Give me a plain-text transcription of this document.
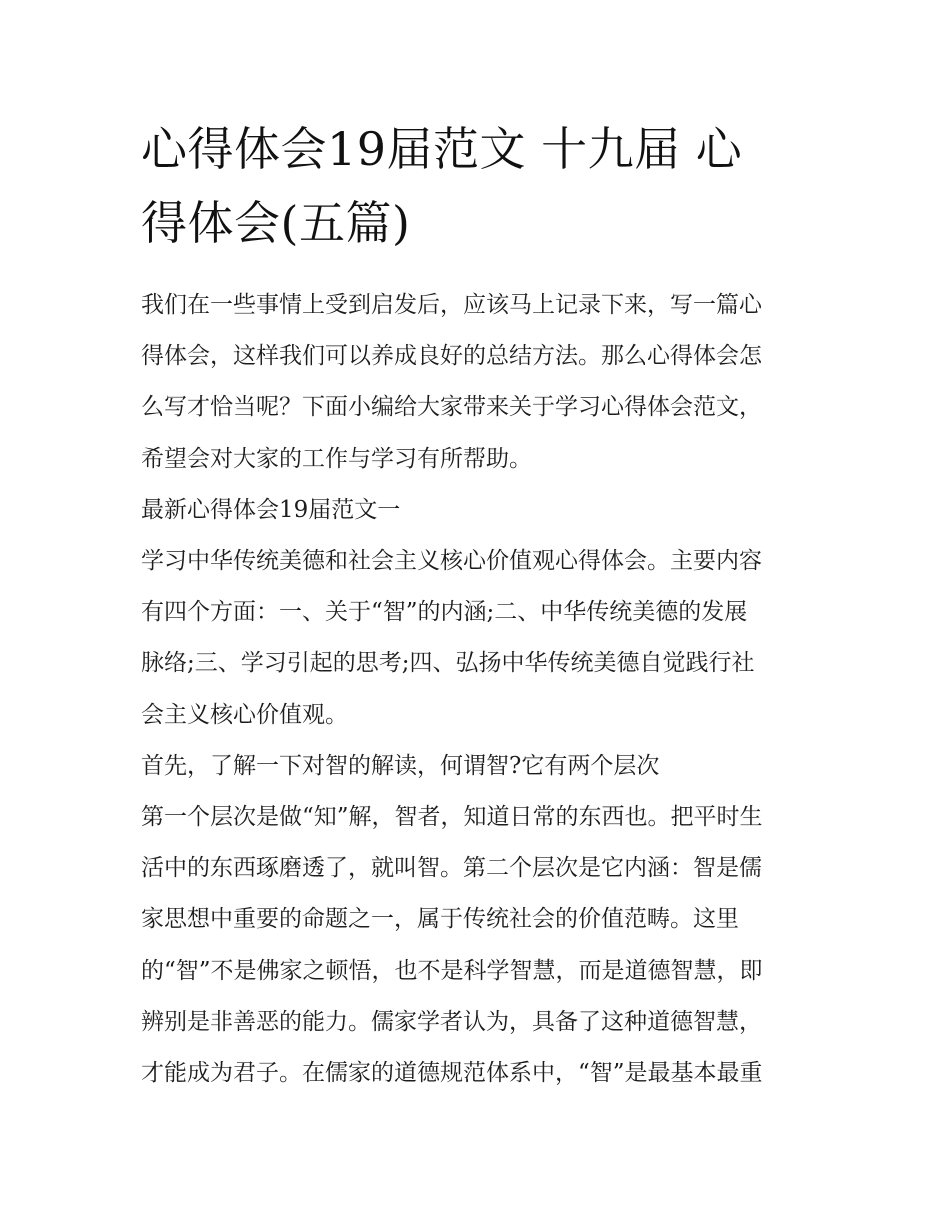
心得体会19届范文 十九届 心
得体会(五篇)
我们在一些事情上受到启发后，应该马上记录下来，写一篇心
得体会，这样我们可以养成良好的总结方法。那么心得体会怎
么写才恰当呢？下面小编给大家带来关于学习心得体会范文，
希望会对大家的工作与学习有所帮助。
最新心得体会19届范文一
学习中华传统美德和社会主义核心价值观心得体会。主要内容
有四个方面：一、关于“智”的内涵;二、中华传统美德的发展
脉络;三、学习引起的思考;四、弘扬中华传统美德自觉践行社
会主义核心价值观。
首先，了解一下对智的解读，何谓智?它有两个层次
第一个层次是做“知”解，智者，知道日常的东西也。把平时生
活中的东西琢磨透了，就叫智。第二个层次是它内涵：智是儒
家思想中重要的命题之一，属于传统社会的价值范畴。这里
的“智”不是佛家之顿悟，也不是科学智慧，而是道德智慧，即
辨别是非善恶的能力。儒家学者认为，具备了这种道德智慧，
才能成为君子。在儒家的道德规范体系中，“智”是最基本最重
